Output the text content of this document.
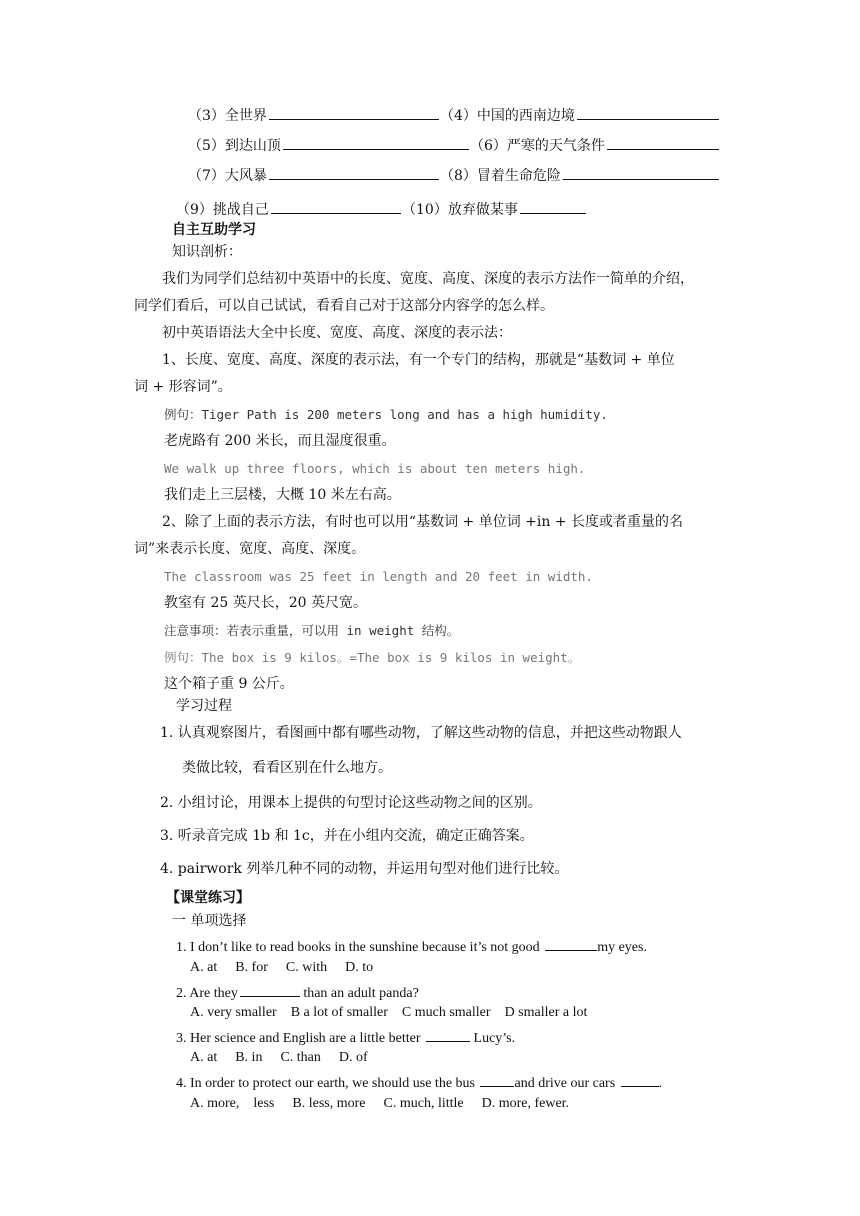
（3）全世界	（4）中国的西南边境
（5）到达山顶	（6）严寒的天气条件
（7）大风暴	（8）冒着生命危险
（9）挑战自己	（10）放弃做某事
自主互助学习
知识剖析：
我们为同学们总结初中英语中的长度、宽度、高度、深度的表示方法作一简单的介绍，
同学们看后，可以自己试试，看看自己对于这部分内容学的怎么样。
初中英语语法大全中长度、宽度、高度、深度的表示法：
1、长度、宽度、高度、深度的表示法，有一个专门的结构，那就是“基数词 + 单位
词 + 形容词”。
例句：Tiger Path is 200 meters long and has a high humidity.
老虎路有 200 米长，而且湿度很重。
We walk up three floors, which is about ten meters high.
我们走上三层楼，大概 10 米左右高。
2、除了上面的表示方法，有时也可以用“基数词 + 单位词 +in + 长度或者重量的名
词”来表示长度、宽度、高度、深度。
The classroom was 25 feet in length and 20 feet in width.
教室有 25 英尺长，20 英尺宽。
注意事项：若表示重量，可以用 in weight 结构。
例句：The box is 9 kilos。=The box is 9 kilos in weight。
这个箱子重 9 公斤。
学习过程
1. 认真观察图片，看图画中都有哪些动物，了解这些动物的信息，并把这些动物跟人
类做比较，看看区别在什么地方。
2. 小组讨论，用课本上提供的句型讨论这些动物之间的区别。
3. 听录音完成 1b 和 1c，并在小组内交流，确定正确答案。
4. pairwork 列举几种不同的动物，并运用句型对他们进行比较。
【课堂练习】
一 单项选择
1. I don’t like to read books in the sunshine because it’s not good	my eyes.
A. at B. for C. with D. to
2. Are they	than an adult panda?
A. very smaller B a lot of smaller C much smaller D smaller a lot
3. Her science and English are a little better	Lucy’s.
A. at B. in C. than D. of
4. In order to protect our earth, we should use the bus	and drive our cars	.
A. more,    less B. less, more C. much, little D. more, fewer.
